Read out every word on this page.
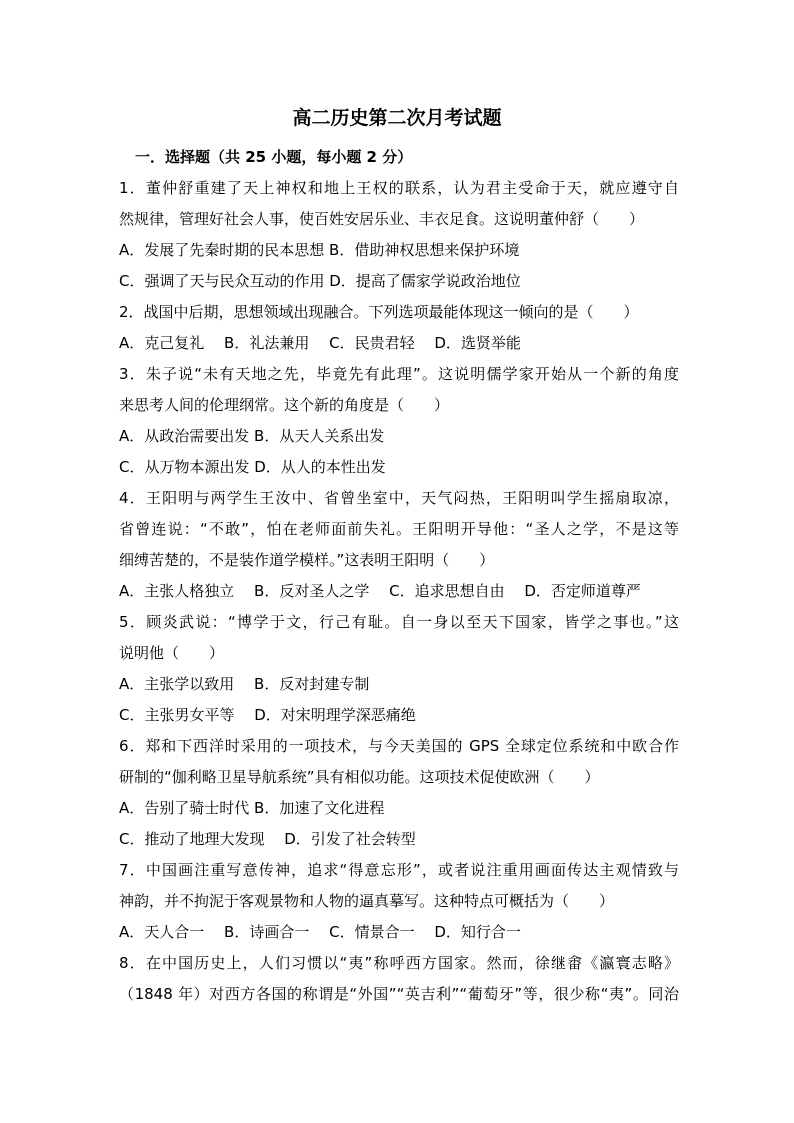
高二历史第二次月考试题
一．选择题（共 25 小题，每小题 2 分）
1．董仲舒重建了天上神权和地上王权的联系，认为君主受命于天，就应遵守自
然规律，管理好社会人事，使百姓安居乐业、丰衣足食。这说明董仲舒（　　）
A．发展了先秦时期的民本思想 B．借助神权思想来保护环境
C．强调了天与民众互动的作用 D．提高了儒家学说政治地位
2．战国中后期，思想领域出现融合。下列选项最能体现这一倾向的是（　　）
A．克己复礼　 B．礼法兼用　 C．民贵君轻　 D．选贤举能
3．朱子说“未有天地之先，毕竟先有此理”。这说明儒学家开始从一个新的角度
来思考人间的伦理纲常。这个新的角度是（　　）
A．从政治需要出发 B．从天人关系出发
C．从万物本源出发 D．从人的本性出发
4．王阳明与两学生王汝中、省曾坐室中，天气闷热，王阳明叫学生摇扇取凉，
省曾连说：“不敢”，怕在老师面前失礼。王阳明开导他：“圣人之学，不是这等
细缚苦楚的，不是装作道学模样。”这表明王阳明（　　）
A．主张人格独立　 B．反对圣人之学　 C．追求思想自由　 D．否定师道尊严
5．顾炎武说：“博学于文，行己有耻。自一身以至天下国家，皆学之事也。”这
说明他（　　）
A．主张学以致用　 B．反对封建专制
C．主张男女平等　 D．对宋明理学深恶痛绝
6．郑和下西洋时采用的一项技术，与今天美国的 GPS 全球定位系统和中欧合作
研制的“伽利略卫星导航系统”具有相似功能。这项技术促使欧洲（　　）
A．告别了骑士时代 B．加速了文化进程
C．推动了地理大发现　 D．引发了社会转型
7．中国画注重写意传神，追求“得意忘形”，或者说注重用画面传达主观情致与
神韵，并不拘泥于客观景物和人物的逼真摹写。这种特点可概括为（　　）
A．天人合一　 B．诗画合一　 C．情景合一　 D．知行合一
8．在中国历史上，人们习惯以“夷”称呼西方国家。然而，徐继畬《瀛寰志略》
（1848 年）对西方各国的称谓是“外国”“英吉利”“葡萄牙”等，很少称“夷”。同治
